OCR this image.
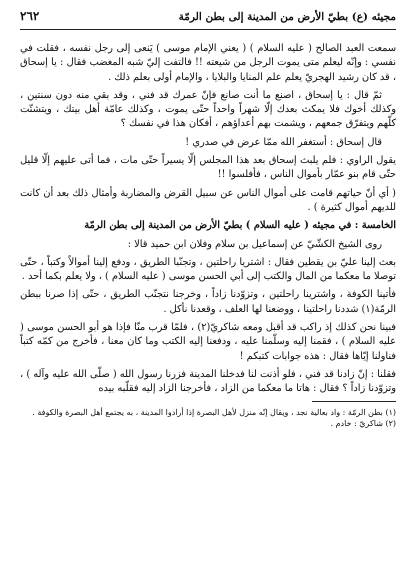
مجيئه (ع) بطيّ الأرض من المدينة إلى بطن الرمّة
٢٦٢

سمعت العبد الصالح ( عليه السلام ) ( يعني الإمام موسى ) يَنعى إلى رجل نفسه ، فقلت في نفسي : وإنّه ليعلم متى يموت الرجل من شيعته !! فالتفت إليّ شبه المغضب فقال : يا إسحاق ، قد كان رشيد الهجريّ يعلم علم المنايا والبلايا ، والإمام أولى بعلم ذلك .

ثمّ قال : يا إسحاق ، اصنع ما أنت صانع فإنّ عمرك قد فني ، وقد بقي منه دون سنتين ، وكذلك أخوك فلا يمكث بعدك إلّا شهراً واحداً حتّى يموت ، وكذلك عامّة أهل بيتك ، ويتشتّت كلّهم ويتفرّق جمعهم ، ويشمت بهم أعداؤهم ، أفكان هذا في نفسك ؟

قال إسحاق : أستغفر الله ممّا عرض في صدري !

يقول الراوي : فلم يلبث إسحاق بعد هذا المجلس إلّا يسيراً حتّى مات ، فما أتى عليهم إلّا قليل حتّى قام بنو عمّار بأموال الناس ، فأفلسوا !!

( أي أنّ حياتهم قامت على أموال الناس عن سبيل القرض والمضاربة وأمثال ذلك بعد أن كانت للديهم أموال كثيرة ) .

الخامسة : في مجيئه ( عليه السلام ) بطيّ الأرض من المدينة إلى بطن الرمّة

روى الشيخ الكشّيّ عن إسماعيل بن سلام وفلان ابن حميد قالا :

بعث إلينا عليّ بن يقطين فقال : اشتريا راحلتين ، وتجنّبا الطريق ، ودفع إلينا أموالاً وكتباً ، حتّى توصلا ما معكما من المال والكتب إلى أبي الحسن موسى ( عليه السلام ) ، ولا يعلم بكما أحد .

فأتينا الكوفة ، واشترينا راحلتين ، وتزوّدنا زاداً ، وخرجنا نتجنّب الطريق ، حتّى إذا صرنا ببطن الرمّة(١) شددنا راحلتينا ، ووضعنا لها العلف ، وقعدنا نأكل .

فبينا نحن كذلك إذ راكب قد أقبل ومعه شاكريّ(٢) ، فلمّا قرب منّا فإذا هو أبو الحسن موسى ( عليه السلام ) ، فقمنا إليه وسلّمنا عليه ، ودفعنا إليه الكتب وما كان معنا ، فأخرج من كمّه كتباً فناولنا إيّاها فقال : هذه جوابات كتبكم !

فقلنا : إنّ زادنا قد فني ، فلو أذنت لنا فدخلنا المدينة فزرنا رسول الله ( صلّى الله عليه وآله ) ، وتزوّدنا زاداً ؟ فقال : هاتا ما معكما من الزاد ، فأخرجنا الزاد إليه فقلّبه بيده

(١) بطن الرمّة : واد بعالية نجد ، ويقال إنّه منزل لأهل البصرة إذا أرادوا المدينة ، به يجتمع أهل البصرة والكوفة .

(٢) شاكريّ : خادم .
